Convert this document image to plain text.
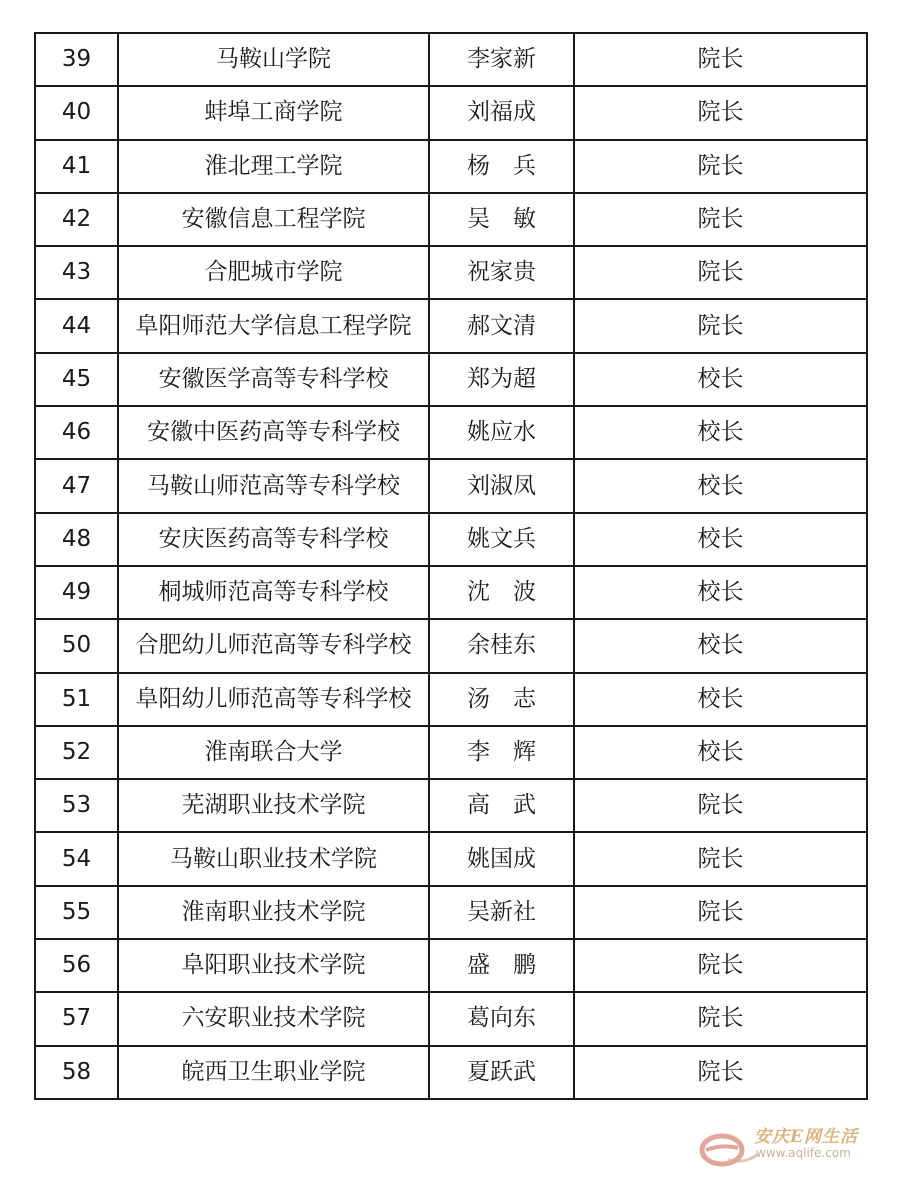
39	马鞍山学院	李家新	院长
40	蚌埠工商学院	刘福成	院长
41	淮北理工学院	杨　兵	院长
42	安徽信息工程学院	吴　敏	院长
43	合肥城市学院	祝家贵	院长
44	阜阳师范大学信息工程学院	郝文清	院长
45	安徽医学高等专科学校	郑为超	校长
46	安徽中医药高等专科学校	姚应水	校长
47	马鞍山师范高等专科学校	刘淑凤	校长
48	安庆医药高等专科学校	姚文兵	校长
49	桐城师范高等专科学校	沈　波	校长
50	合肥幼儿师范高等专科学校	余桂东	校长
51	阜阳幼儿师范高等专科学校	汤　志	校长
52	淮南联合大学	李　辉	校长
53	芜湖职业技术学院	高　武	院长
54	马鞍山职业技术学院	姚国成	院长
55	淮南职业技术学院	吴新社	院长
56	阜阳职业技术学院	盛　鹏	院长
57	六安职业技术学院	葛向东	院长
58	皖西卫生职业学院	夏跃武	院长
安庆E网生活
www.aqlife.com
